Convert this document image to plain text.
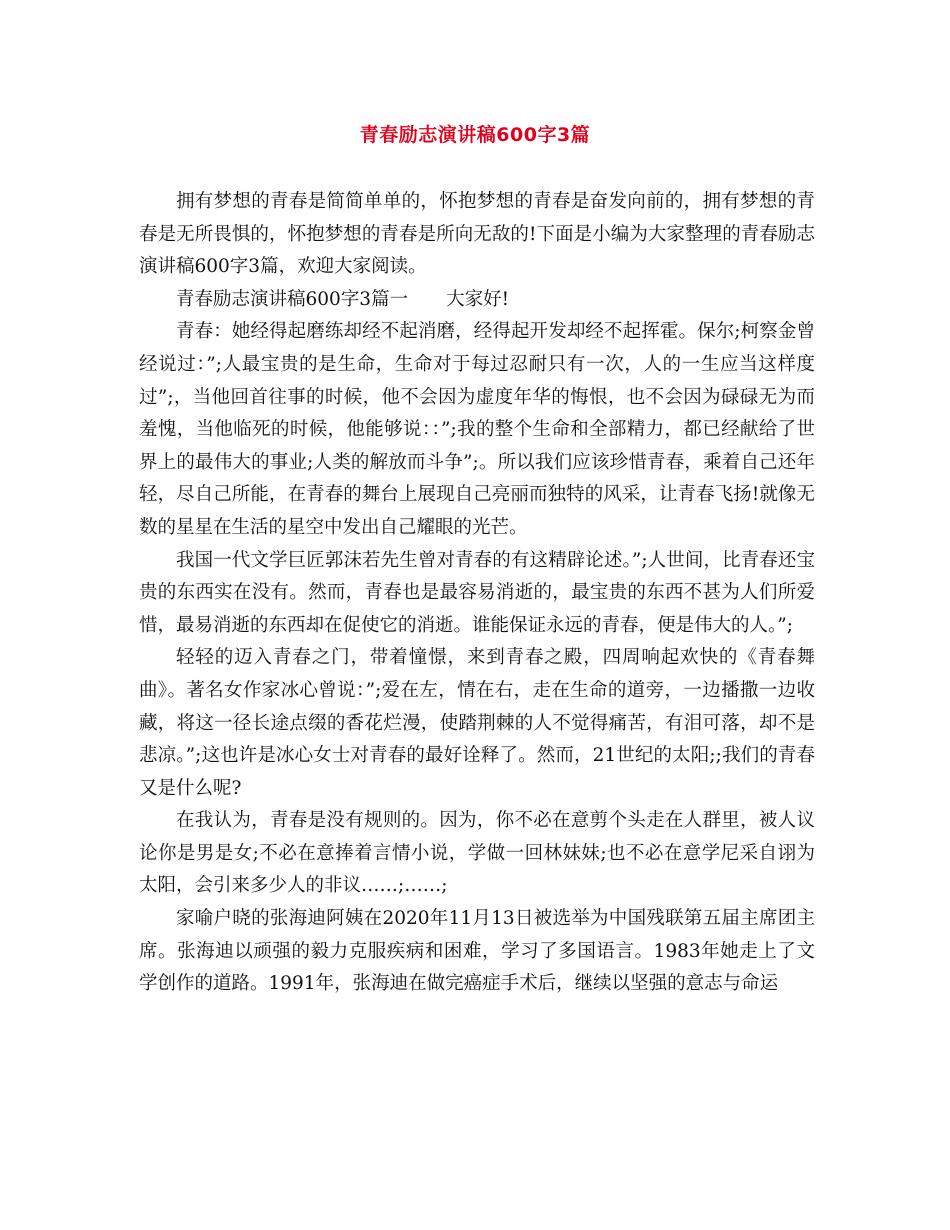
青春励志演讲稿600字3篇

拥有梦想的青春是简简单单的，怀抱梦想的青春是奋发向前的，拥有梦想的青春是无所畏惧的，怀抱梦想的青春是所向无敌的!下面是小编为大家整理的青春励志演讲稿600字3篇，欢迎大家阅读。

青春励志演讲稿600字3篇一 大家好!

青春：她经得起磨练却经不起消磨，经得起开发却经不起挥霍。保尔;柯察金曾经说过：”;人最宝贵的是生命，生命对于每过忍耐只有一次，人的一生应当这样度过”;，当他回首往事的时候，他不会因为虚度年华的悔恨，也不会因为碌碌无为而羞愧，当他临死的时候，他能够说：：”;我的整个生命和全部精力，都已经献给了世界上的最伟大的事业;人类的解放而斗争”;。所以我们应该珍惜青春，乘着自己还年轻，尽自己所能，在青春的舞台上展现自己亮丽而独特的风采，让青春飞扬!就像无数的星星在生活的星空中发出自己耀眼的光芒。

我国一代文学巨匠郭沫若先生曾对青春的有这精辟论述。”;人世间，比青春还宝贵的东西实在没有。然而，青春也是最容易消逝的，最宝贵的东西不甚为人们所爱惜，最易消逝的东西却在促使它的消逝。谁能保证永远的青春，便是伟大的人。”;

轻轻的迈入青春之门，带着憧憬，来到青春之殿，四周响起欢快的《青春舞曲》。著名女作家冰心曾说：”;爱在左，情在右，走在生命的道旁，一边播撒一边收藏，将这一径长途点缀的香花烂漫，使踏荆棘的人不觉得痛苦，有泪可落，却不是悲凉。”;这也许是冰心女士对青春的最好诠释了。然而，21世纪的太阳;;我们的青春又是什么呢?

在我认为，青春是没有规则的。因为，你不必在意剪个头走在人群里，被人议论你是男是女;不必在意捧着言情小说，学做一回林妹妹;也不必在意学尼采自诩为太阳，会引来多少人的非议……;……;

家喻户晓的张海迪阿姨在2020年11月13日被选举为中国残联第五届主席团主席。张海迪以顽强的毅力克服疾病和困难，学习了多国语言。1983年她走上了文学创作的道路。1991年，张海迪在做完癌症手术后，继续以坚强的意志与命运
